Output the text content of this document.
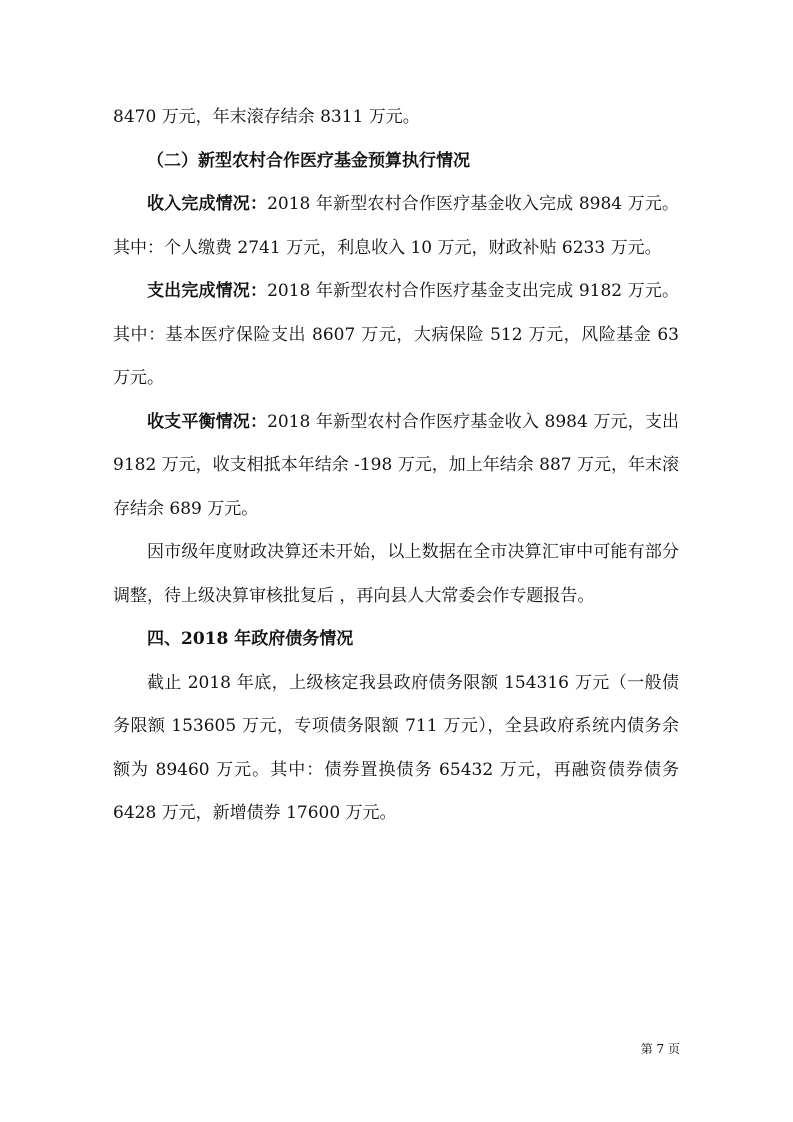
8470 万元，年末滚存结余 8311 万元。

（二）新型农村合作医疗基金预算执行情况

收入完成情况：2018 年新型农村合作医疗基金收入完成 8984 万元。其中：个人缴费 2741 万元，利息收入 10 万元，财政补贴 6233 万元。

支出完成情况：2018 年新型农村合作医疗基金支出完成 9182 万元。其中：基本医疗保险支出 8607 万元，大病保险 512 万元，风险基金 63 万元。

收支平衡情况：2018 年新型农村合作医疗基金收入 8984 万元，支出 9182 万元，收支相抵本年结余 -198 万元，加上年结余 887 万元，年末滚存结余 689 万元。

因市级年度财政决算还未开始，以上数据在全市决算汇审中可能有部分调整，待上级决算审核批复后 ，再向县人大常委会作专题报告。

四、2018 年政府债务情况

截止 2018 年底，上级核定我县政府债务限额 154316 万元（一般债务限额 153605 万元，专项债务限额 711 万元），全县政府系统内债务余额为 89460 万元。其中：债券置换债务 65432 万元，再融资债券债务 6428 万元，新增债券 17600 万元。

第 7 页
